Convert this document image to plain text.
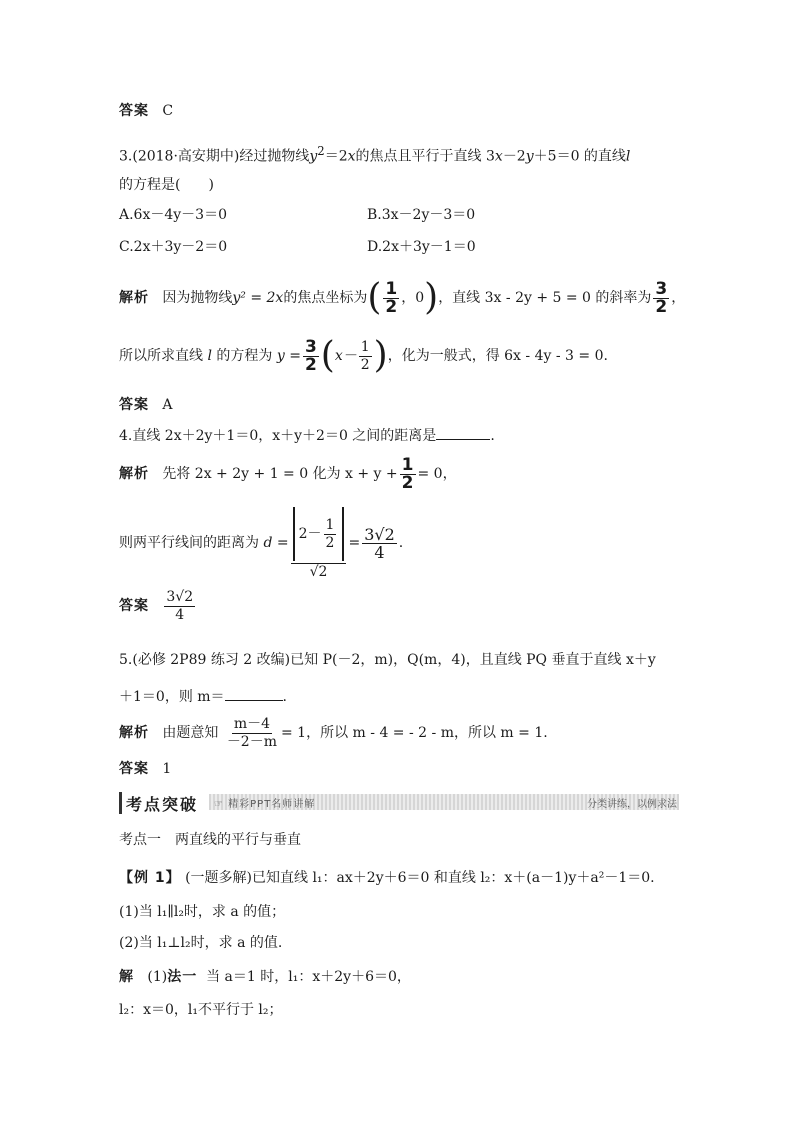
答案 C
3.(2018·高安期中)经过抛物线$y^2=2x$的焦点且平行于直线 3x－2y＋5＝0 的直线l
的方程是(　　)
A.6x－4y－3＝0	B.3x－2y－3＝0
C.2x＋3y－2＝0	D.2x＋3y－1＝0
解析 因为抛物线y² = 2x的焦点坐标为( $\frac{1}{2}$ ，0)，直线 3x - 2y + 5 = 0 的斜率为 $\frac{3}{2}$ ，
所以所求直线 l 的方程为 $y = \frac{3}{2} (x- \frac{1}{2}$ )，化为一般式，得 6x - 4y - 3 = 0.
答案 A
4.直线 2x＋2y＋1＝0，x＋y＋2＝0 之间的距离是	.
解析 先将 2x + 2y + 1 = 0 化为 $x + y + \frac{1}{2} = 0$，
则两平行线间的距离为 $d = \frac{2- \frac{1}{2}}{√2} = \frac{3√2}{4}$ .
答案 $\frac{3√2}{4}$
5.(必修 2P89 练习 2 改编)已知 P(－2，m)，Q(m，4)，且直线 PQ 垂直于直线 x＋y
＋1＝0，则 m＝	.
解析 由题意知 $\frac{m-4}{-2-m} = 1$，所以 m - 4 = - 2 - m，所以 m = 1.
答案 1
考点突破	☞ 精彩PPT名师讲解	分类讲练，以例求法
考点一　两直线的平行与垂直
【例 1】 (一题多解)已知直线 l₁：ax＋2y＋6＝0 和直线 l₂：x＋(a－1)y＋a²－1＝0.
(1)当 l₁∥l₂时，求 a 的值；
(2)当 l₁⊥l₂时，求 a 的值.
解 (1)法一 当 a＝1 时，l₁：x＋2y＋6＝0，
l₂：x＝0，l₁不平行于 l₂；
